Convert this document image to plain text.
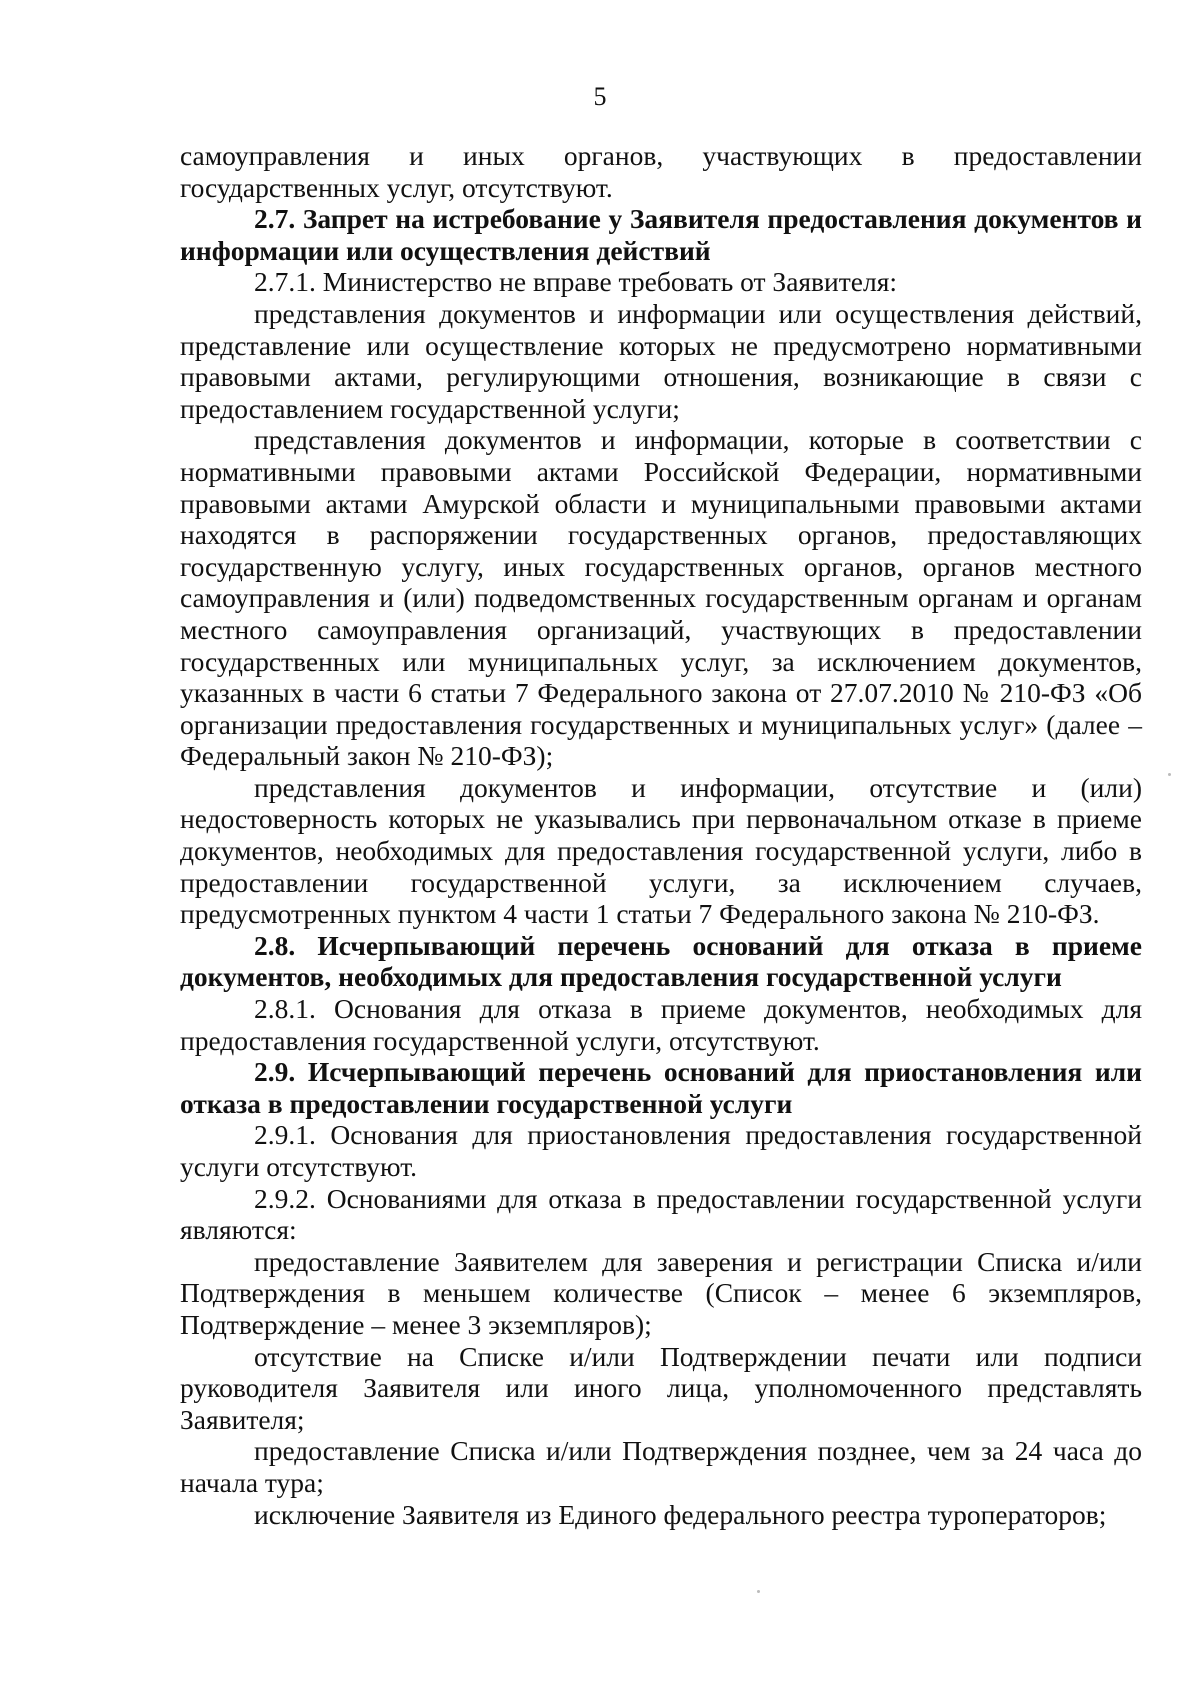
5

самоуправления и иных органов, участвующих в предоставлении государственных услуг, отсутствуют.

2.7. Запрет на истребование у Заявителя предоставления документов и информации или осуществления действий

2.7.1. Министерство не вправе требовать от Заявителя:

представления документов и информации или осуществления действий, представление или осуществление которых не предусмотрено нормативными правовыми актами, регулирующими отношения, возникающие в связи с предоставлением государственной услуги;

представления документов и информации, которые в соответствии с нормативными правовыми актами Российской Федерации, нормативными правовыми актами Амурской области и муниципальными правовыми актами находятся в распоряжении государственных органов, предоставляющих государственную услугу, иных государственных органов, органов местного самоуправления и (или) подведомственных государственным органам и органам местного самоуправления организаций, участвующих в предоставлении государственных или муниципальных услуг, за исключением документов, указанных в части 6 статьи 7 Федерального закона от 27.07.2010 № 210-ФЗ «Об организации предоставления государственных и муниципальных услуг» (далее – Федеральный закон № 210-ФЗ);

представления документов и информации, отсутствие и (или) недостоверность которых не указывались при первоначальном отказе в приеме документов, необходимых для предоставления государственной услуги, либо в предоставлении государственной услуги, за исключением случаев, предусмотренных пунктом 4 части 1 статьи 7 Федерального закона № 210-ФЗ.

2.8. Исчерпывающий перечень оснований для отказа в приеме документов, необходимых для предоставления государственной услуги

2.8.1. Основания для отказа в приеме документов, необходимых для предоставления государственной услуги, отсутствуют.

2.9. Исчерпывающий перечень оснований для приостановления или отказа в предоставлении государственной услуги

2.9.1. Основания для приостановления предоставления государственной услуги отсутствуют.

2.9.2. Основаниями для отказа в предоставлении государственной услуги являются:

предоставление Заявителем для заверения и регистрации Списка и/или Подтверждения в меньшем количестве (Список – менее 6 экземпляров, Подтверждение – менее 3 экземпляров);

отсутствие на Списке и/или Подтверждении печати или подписи руководителя Заявителя или иного лица, уполномоченного представлять Заявителя;

предоставление Списка и/или Подтверждения позднее, чем за 24 часа до начала тура;

исключение Заявителя из Единого федерального реестра туроператоров;
